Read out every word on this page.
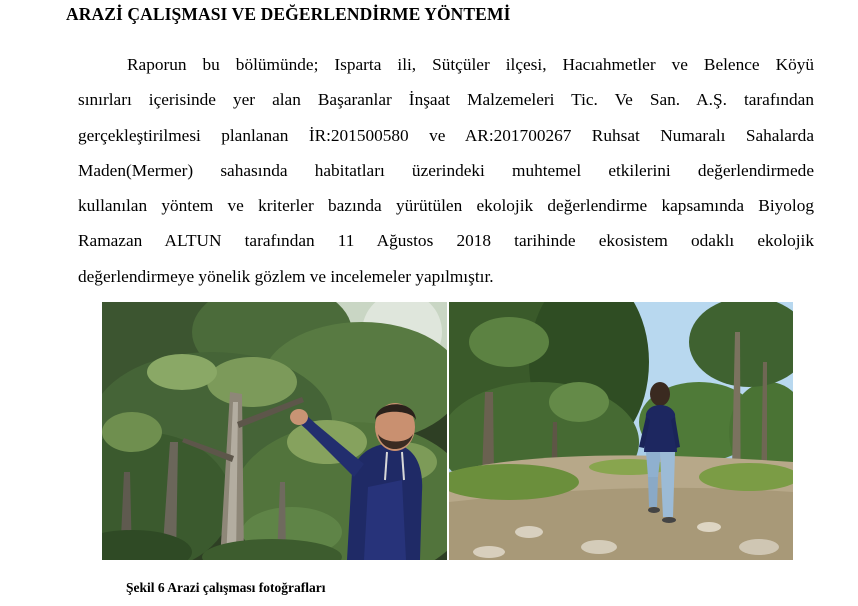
ARAZİ ÇALIŞMASI VE DEĞERLENDİRME YÖNTEMİ
Raporun bu bölümünde; Isparta ili, Sütçüler ilçesi, Hacıahmetler ve Belence Köyü
sınırları içerisinde yer alan Başaranlar İnşaat Malzemeleri Tic. Ve San. A.Ş. tarafından
gerçekleştirilmesi planlanan İR:201500580 ve AR:201700267 Ruhsat Numaralı Sahalarda
Maden(Mermer) sahasında habitatları üzerindeki muhtemel etkilerini değerlendirmede
kullanılan yöntem ve kriterler bazında yürütülen ekolojik değerlendirme kapsamında Biyolog
Ramazan ALTUN tarafından 11 Ağustos 2018 tarihinde ekosistem odaklı ekolojik
değerlendirmeye yönelik gözlem ve incelemeler yapılmıştır.
Şekil 6 Arazi çalışması fotoğrafları
